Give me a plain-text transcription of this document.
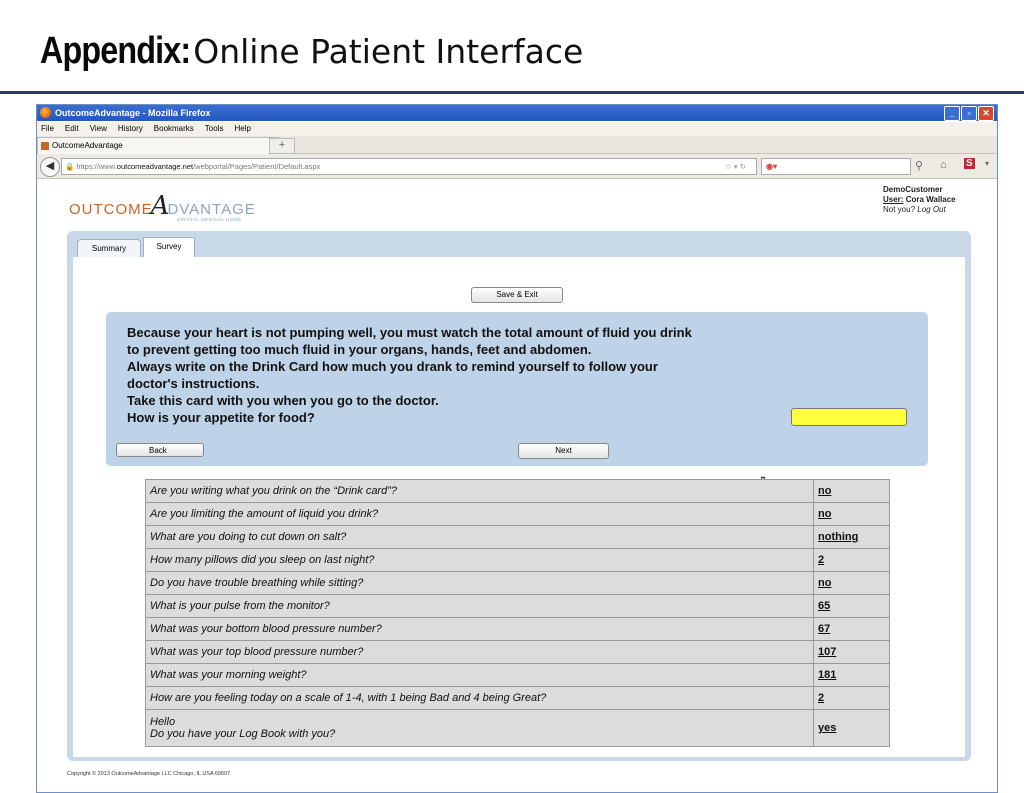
Appendix: Online Patient Interface
OutcomeAdvantage - Mozilla Firefox	_	▫	✕
File Edit View History Bookmarks Tools Help
OutcomeAdvantage	+
◀	🔒 https://www.outcomeadvantage.net/webportal/Pages/Patient/Default.aspx	☆ ▾ ↻	◉▾	⚲ ⌂ S ▾
OUTCOMEADVANTAGE
VIRTUAL MEDICAL HOME
DemoCustomer
User: Cora Wallace
Not you? Log Out
Summary	Survey
Save & Exit
Because your heart is not pumping well, you must watch the total amount of fluid you drink
to prevent getting too much fluid in your organs, hands, feet and abdomen.
Always write on the Drink Card how much you drank to remind yourself to follow your
doctor's instructions.
Take this card with you when you go to the doctor.
How is your appetite for food?
Back	Next
Are you writing what you drink on the “Drink card”?	no
Are you limiting the amount of liquid you drink?	no
What are you doing to cut down on salt?	nothing
How many pillows did you sleep on last night?	2
Do you have trouble breathing while sitting?	no
What is your pulse from the monitor?	65
What was your bottom blood pressure number?	67
What was your top blood pressure number?	107
What was your morning weight?	181
How are you feeling today on a scale of 1-4, with 1 being Bad and 4 being Great?	2

Hello
Do you have your Log Book with you?	yes
Copyright © 2013 OutcomeAdvantage LLC Chicago, IL USA 60607
